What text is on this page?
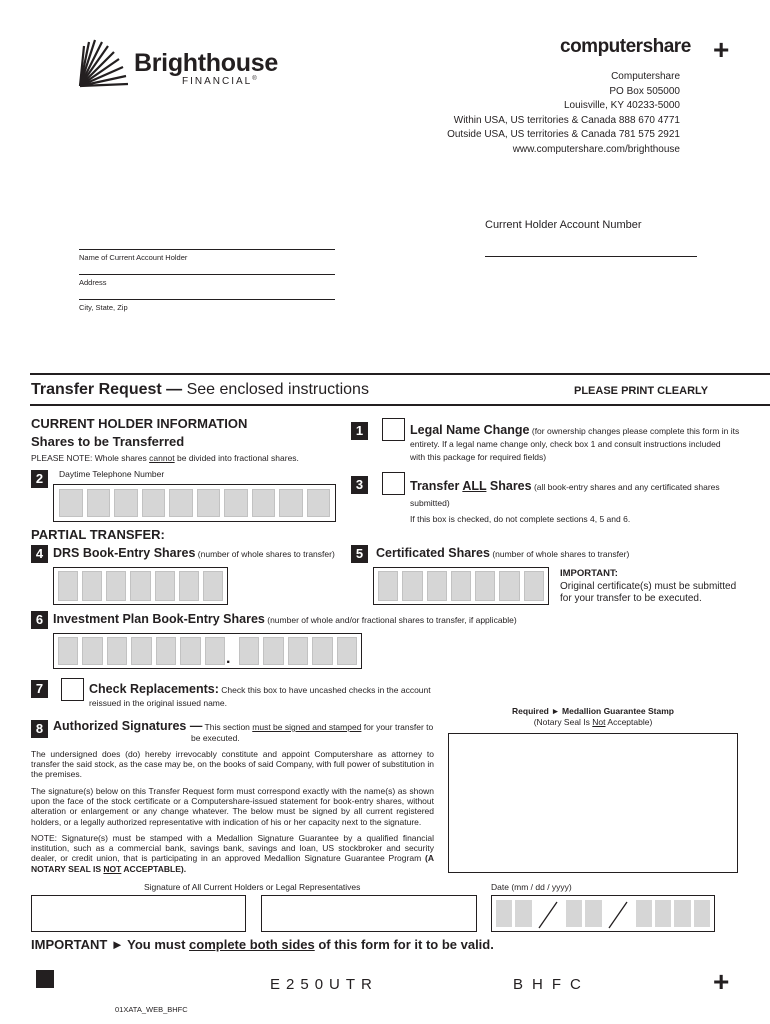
Brighthouse
FINANCIAL®
computershare +
Computershare
PO Box 505000
Louisville, KY 40233-5000
Within USA, US territories & Canada 888 670 4771
Outside USA, US territories & Canada 781 575 2921
www.computershare.com/brighthouse
Current Holder Account Number
Name of Current Account Holder
Address
City, State, Zip
Transfer Request — See enclosed instructions	PLEASE PRINT CLEARLY
CURRENT HOLDER INFORMATION
Shares to be Transferred
PLEASE NOTE: Whole shares cannot be divided into fractional shares.
2	Daytime Telephone Number
1	Legal Name Change (for ownership changes please complete this form in its
entirety. If a legal name change only, check box 1 and consult instructions included
with this package for required fields)
3	Transfer ALL Shares (all book-entry shares and any certificated shares submitted)
If this box is checked, do not complete sections 4, 5 and 6.
PARTIAL TRANSFER:
4 DRS Book-Entry Shares (number of whole shares to transfer)	5	Certificated Shares (number of whole shares to transfer)
IMPORTANT:
Original certificate(s) must be submitted
for your transfer to be executed.
6 Investment Plan Book-Entry Shares (number of whole and/or fractional shares to transfer, if applicable)
.
7	Check Replacements: Check this box to have uncashed checks in the account
reissued in the original issued name.
Required ► Medallion Guarantee Stamp
(Notary Seal Is Not Acceptable)
8 Authorized Signatures — This section must be signed and stamped for your transfer to
be executed.
The undersigned does (do) hereby irrevocably constitute and appoint Computershare as attorney to transfer the said stock, as the case may be, on the books of said Company, with full power of substitution in the premises.
The signature(s) below on this Transfer Request form must correspond exactly with the name(s) as shown upon the face of the stock certificate or a Computershare-issued statement for book-entry shares, without alteration or enlargement or any change whatever. The below must be signed by all current registered holders, or a legally authorized representative with indication of his or her capacity next to the signature.
NOTE: Signature(s) must be stamped with a Medallion Signature Guarantee by a qualified financial institution, such as a commercial bank, savings bank, savings and loan, US stockbroker and security dealer, or credit union, that is participating in an approved Medallion Signature Guarantee Program (A NOTARY SEAL IS NOT ACCEPTABLE).
Signature of All Current Holders or Legal Representatives	Date (mm / dd / yyyy)
IMPORTANT ► You must complete both sides of this form for it to be valid.
E250UTR	BHFC	+
01XATA_WEB_BHFC
